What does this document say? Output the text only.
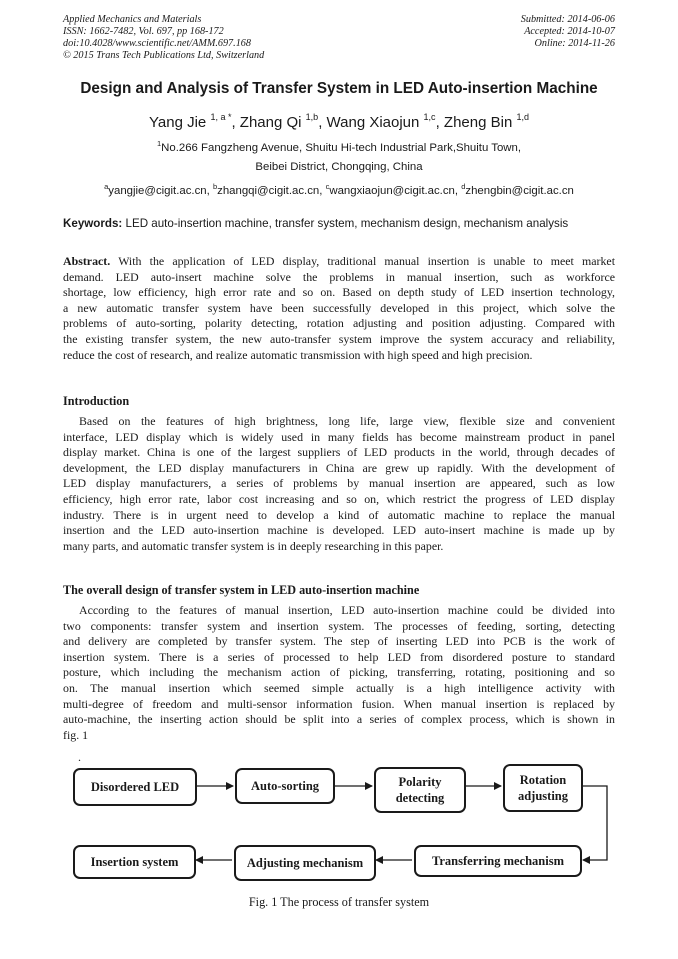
Applied Mechanics and Materials
ISSN: 1662-7482, Vol. 697, pp 168-172
doi:10.4028/www.scientific.net/AMM.697.168
© 2015 Trans Tech Publications Ltd, Switzerland
Submitted: 2014-06-06
Accepted: 2014-10-07
Online: 2014-11-26
Design and Analysis of Transfer System in LED Auto-insertion Machine
Yang Jie $^{1, a *}$, Zhang Qi $^{1,b}$, Wang Xiaojun $^{1,c}$, Zheng Bin $^{1,d}$
$^1$No.266 Fangzheng Avenue, Shuitu Hi-tech Industrial Park,Shuitu Town,
Beibei District, Chongqing, China
$^a$yangjie@cigit.ac.cn, $^b$zhangqi@cigit.ac.cn, $^c$wangxiaojun@cigit.ac.cn, $^d$zhengbin@cigit.ac.cn
Keywords: LED auto-insertion machine, transfer system, mechanism design, mechanism analysis
Abstract. With the application of LED display, traditional manual insertion is unable to meet market
demand. LED auto-insert machine solve the problems in manual insertion, such as workforce
shortage, low efficiency, high error rate and so on. Based on depth study of LED insertion technology,
a new automatic transfer system have been successfully developed in this project, which solve the
problems of auto-sorting, polarity detecting, rotation adjusting and position adjusting. Compared with
the existing transfer system, the new auto-transfer system improve the system accuracy and reliability,
reduce the cost of research, and realize automatic transmission with high speed and high precision.
Introduction
Based on the features of high brightness, long life, large view, flexible size and convenient
interface, LED display which is widely used in many fields has become mainstream product in panel
display market. China is one of the largest suppliers of LED products in the world, through decades of
development, the LED display manufacturers in China are grew up rapidly. With the development of
LED display manufacturers, a series of problems by manual insertion are appeared, such as low
efficiency, high error rate, labor cost increasing and so on, which restrict the progress of LED display
industry. There is in urgent need to develop a kind of automatic machine to replace the manual
insertion and the LED auto-insertion machine is developed. LED auto-insert machine is made up by
many parts, and automatic transfer system is in deeply researching in this paper.
The overall design of transfer system in LED auto-insertion machine
According to the features of manual insertion, LED auto-insertion machine could be divided into
two components: transfer system and insertion system. The processes of feeding, sorting, detecting
and delivery are completed by transfer system. The step of inserting LED into PCB is the work of
insertion system. There is a series of processed to help LED from disordered posture to standard
posture, which including the mechanism action of picking, transferring, rotating, positioning and so
on. The manual insertion which seemed simple actually is a high intelligence activity with
multi-degree of freedom and multi-sensor information fusion. When manual insertion is replaced by
auto-machine, the inserting action should be split into a series of complex process, which is shown in
fig. 1
.
Disordered LED	Auto-sorting	Polarity
detecting
Rotation
adjusting
Transferring mechanism
Adjusting mechanism
Insertion system
Fig. 1 The process of transfer system
